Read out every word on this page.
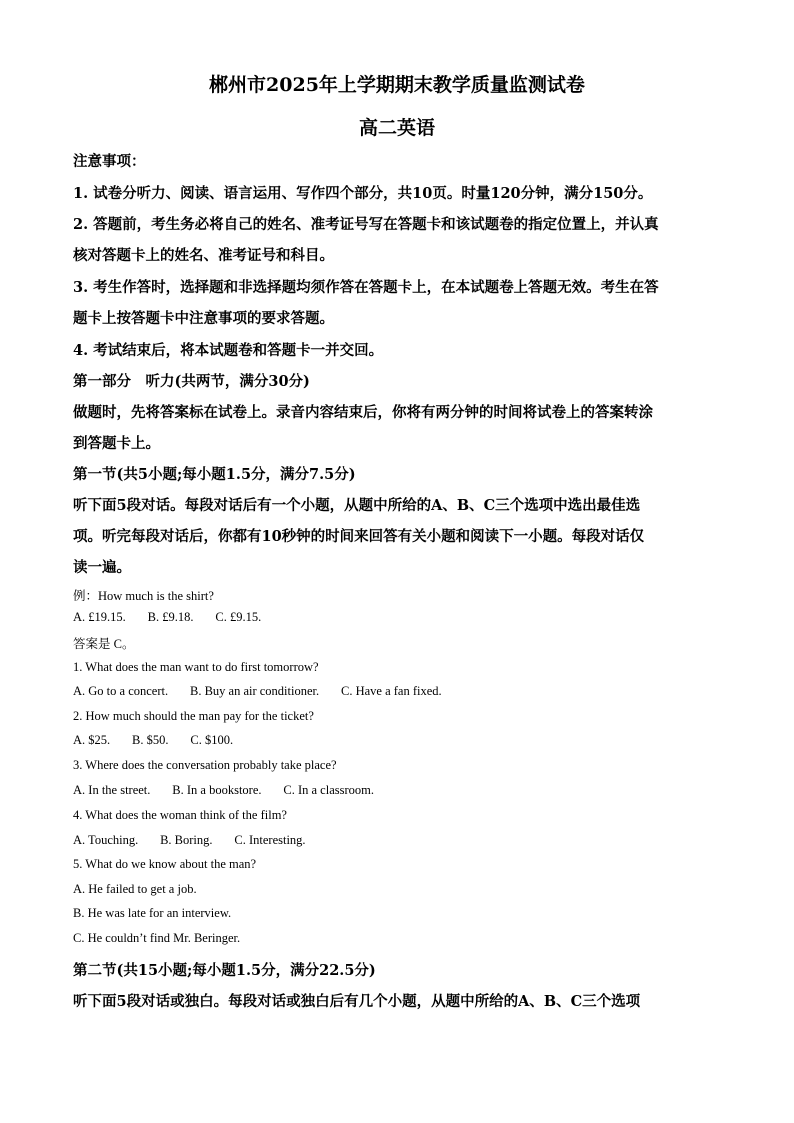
郴州市2025年上学期期末教学质量监测试卷
高二英语
注意事项：
1. 试卷分听力、阅读、语言运用、写作四个部分，共10页。时量120分钟，满分150分。
2. 答题前，考生务必将自己的姓名、准考证号写在答题卡和该试题卷的指定位置上，并认真
核对答题卡上的姓名、准考证号和科目。
3. 考生作答时，选择题和非选择题均须作答在答题卡上，在本试题卷上答题无效。考生在答
题卡上按答题卡中注意事项的要求答题。
4. 考试结束后，将本试题卷和答题卡一并交回。
第一部分　听力(共两节，满分30分)
做题时，先将答案标在试卷上。录音内容结束后，你将有两分钟的时间将试卷上的答案转涂
到答题卡上。
第一节(共5小题;每小题1.5分，满分7.5分)
听下面5段对话。每段对话后有一个小题，从题中所给的A、B、C三个选项中选出最佳选
项。听完每段对话后，你都有10秒钟的时间来回答有关小题和阅读下一小题。每段对话仅
读一遍。
例：How much is the shirt?
A. £19.15.       B. £9.18.       C. £9.15.
答案是 C。
1. What does the man want to do first tomorrow?
A. Go to a concert.       B. Buy an air conditioner.       C. Have a fan fixed.
2. How much should the man pay for the ticket?
A. $25.       B. $50.       C. $100.
3. Where does the conversation probably take place?
A. In the street.       B. In a bookstore.       C. In a classroom.
4. What does the woman think of the film?
A. Touching.       B. Boring.       C. Interesting.
5. What do we know about the man?
A. He failed to get a job.
B. He was late for an interview.
C. He couldn’t find Mr. Beringer.
第二节(共15小题;每小题1.5分，满分22.5分)
听下面5段对话或独白。每段对话或独白后有几个小题，从题中所给的A、B、C三个选项
